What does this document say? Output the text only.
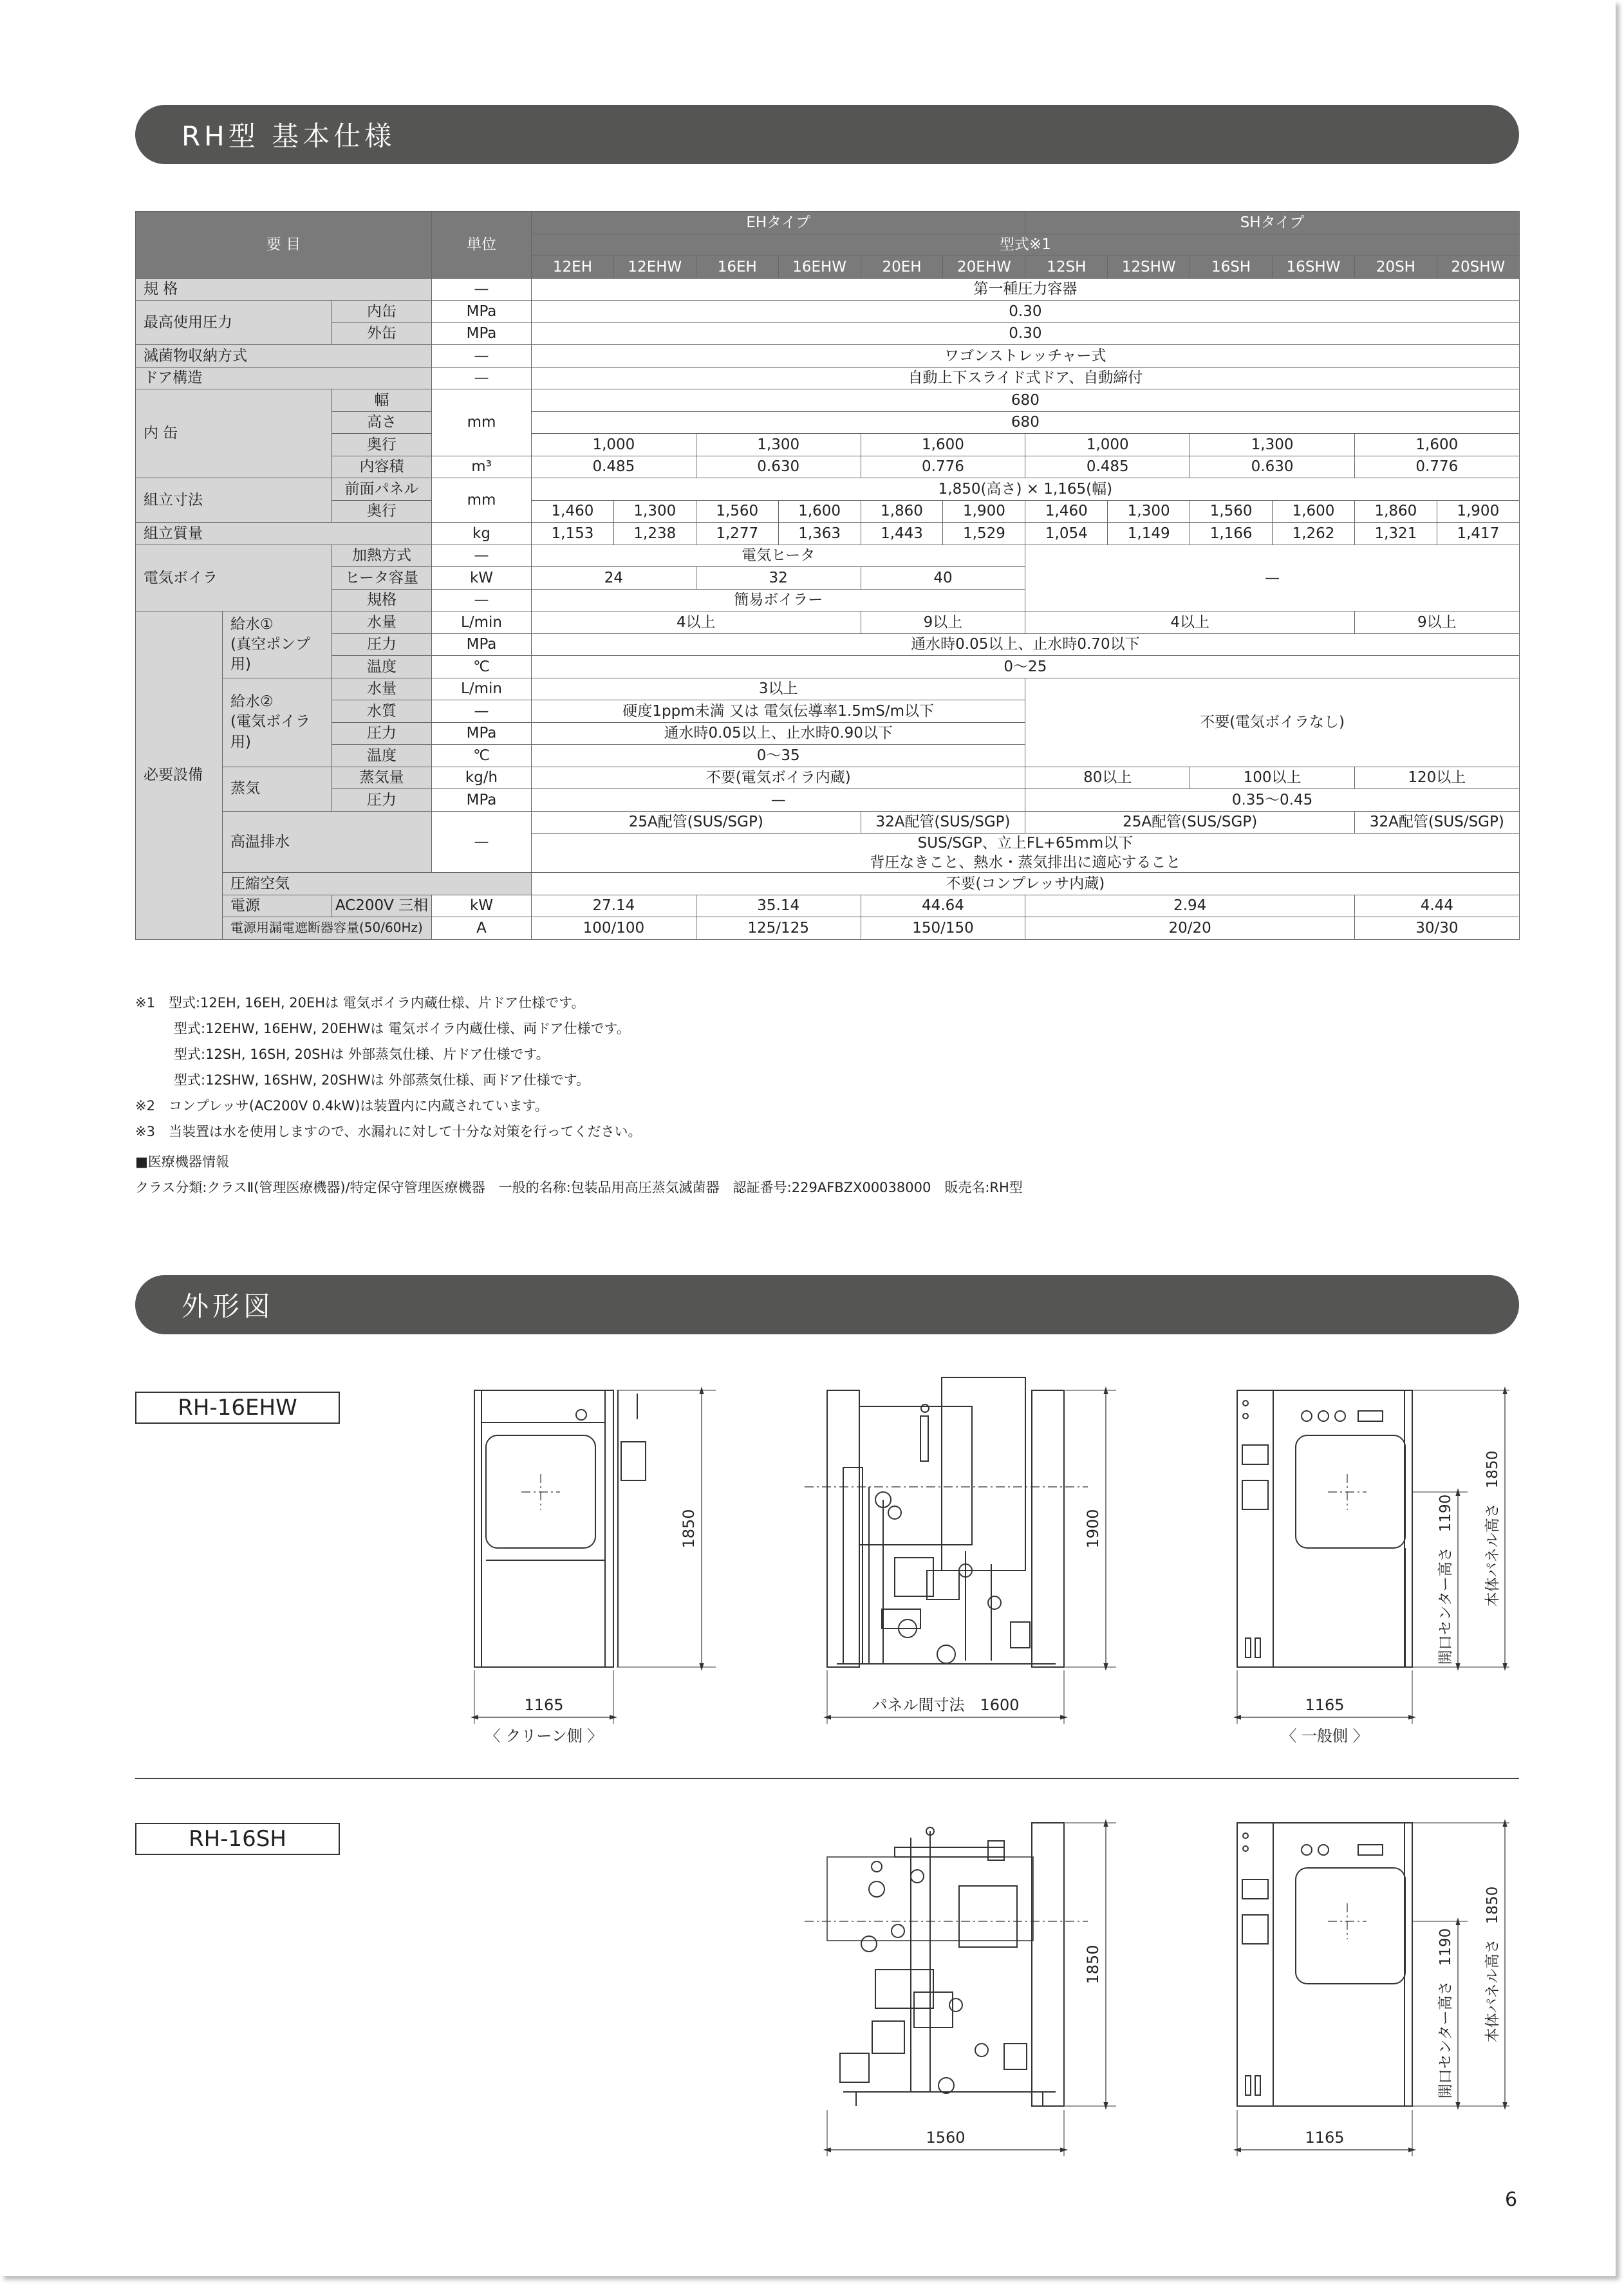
RH型 基本仕様
要 目			単位	EHタイプ						SHタイプ					
				型式※1											
				12EH	12EHW	16EH	16EHW	20EH	20EHW	12SH	12SHW	16SH	16SHW	20SH	20SHW
規 格			—	第一種圧力容器											
最高使用圧力		内缶	MPa	0.30											
		外缶	MPa	0.30											
滅菌物収納方式			—	ワゴンストレッチャー式											
ドア構造			—	自動上下スライド式ドア、自動締付											
内 缶		幅	mm	680											
		高さ		680											
		奥行		1,000		1,300		1,600		1,000		1,300		1,600	
		内容積	m³	0.485		0.630		0.776		0.485		0.630		0.776	
組立寸法		前面パネル	mm	1,850(高さ) × 1,165(幅)											
		奥行		1,460	1,300	1,560	1,600	1,860	1,900	1,460	1,300	1,560	1,600	1,860	1,900
組立質量			kg	1,153	1,238	1,277	1,363	1,443	1,529	1,054	1,149	1,166	1,262	1,321	1,417
電気ボイラ		加熱方式	—	電気ヒータ						—					
		ヒータ容量	kW	24		32		40							
		規格	—	簡易ボイラー											
必要設備	給水①
(真空ポンプ用)	水量	L/min	4以上				9以上		4以上				9以上	
		圧力	MPa	通水時0.05以上、止水時0.70以下											
		温度	℃	0〜25											
	給水②
(電気ボイラ用)	水量	L/min	3以上						不要(電気ボイラなし)					
		水質	—	硬度1ppm未満 又は 電気伝導率1.5mS/m以下											
		圧力	MPa	通水時0.05以上、止水時0.90以下											
		温度	℃	0〜35											
	蒸気	蒸気量	kg/h	不要(電気ボイラ内蔵)						80以上		100以上		120以上	
		圧力	MPa	—						0.35〜0.45					
	高温排水		—	25A配管(SUS/SGP)				32A配管(SUS/SGP)		25A配管(SUS/SGP)				32A配管(SUS/SGP)	
				SUS/SGP、立上FL+65mm以下											
				背圧なきこと、熱水・蒸気排出に適応すること											
	圧縮空気			不要(コンプレッサ内蔵)											
	電源	AC200V 三相	kW	27.14		35.14		44.64		2.94				4.44	
	電源用漏電遮断器容量(50/60Hz)		A	100/100		125/125		150/150		20/20				30/30	
※1　型式:12EH, 16EH, 20EHは 電気ボイラ内蔵仕様、片ドア仕様です。
型式:12EHW, 16EHW, 20EHWは 電気ボイラ内蔵仕様、両ドア仕様です。
型式:12SH, 16SH, 20SHは 外部蒸気仕様、片ドア仕様です。
型式:12SHW, 16SHW, 20SHWは 外部蒸気仕様、両ドア仕様です。
※2　コンプレッサ(AC200V 0.4kW)は装置内に内蔵されています。
※3　当装置は水を使用しますので、水漏れに対して十分な対策を行ってください。
■医療機器情報
クラス分類:クラスⅡ(管理医療機器)/特定保守管理医療機器　一般的名称:包装品用高圧蒸気滅菌器　認証番号:229AFBZX00038000　販売名:RH型
外形図
RH-16EHW
RH-16SH
1850
1165
〈 クリーン側 〉
1900
パネル間寸法　1600	1165
〈 一般側 〉
開口センター高さ　1190 本体パネル高さ　1850
1850
1560	1165
開口センター高さ　1190 本体パネル高さ　1850
6
